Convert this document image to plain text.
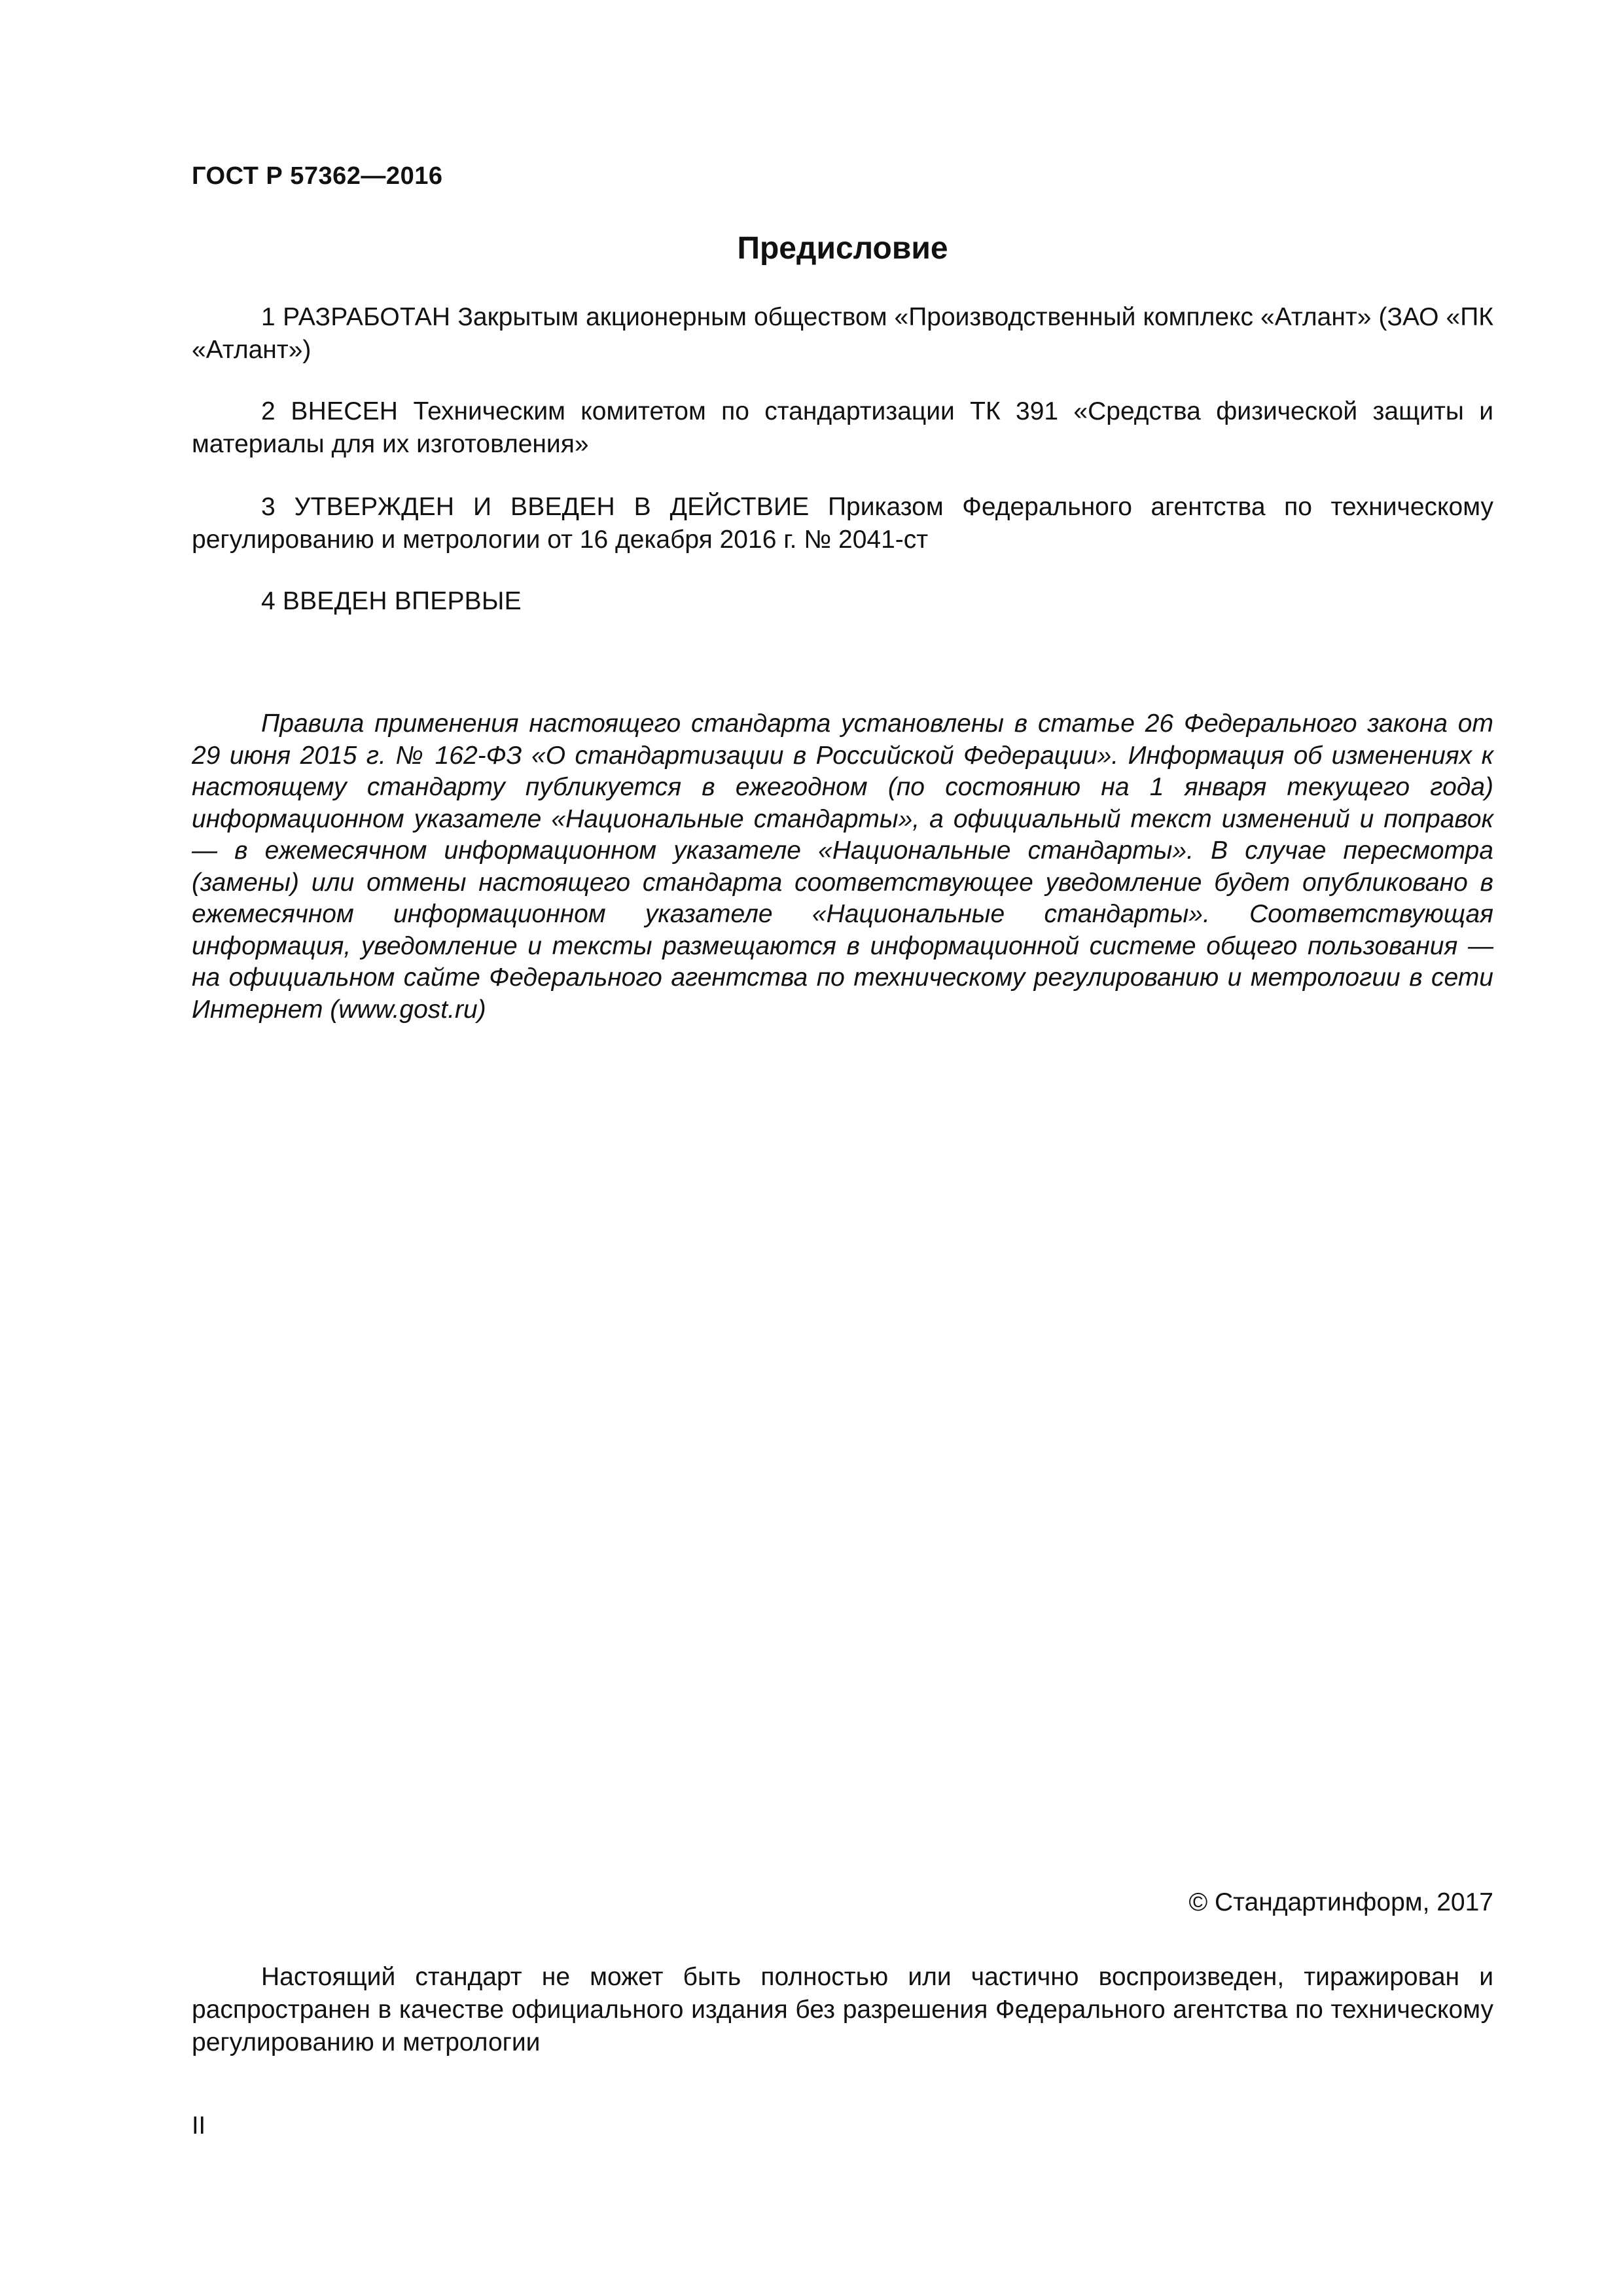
ГОСТ Р 57362—2016
Предисловие

1 РАЗРАБОТАН Закрытым акционерным обществом «Производственный комплекс «Атлант» (ЗАО «ПК «Атлант»)

2 ВНЕСЕН Техническим комитетом по стандартизации ТК 391 «Средства физической защиты и материалы для их изготовления»

3 УТВЕРЖДЕН И ВВЕДЕН В ДЕЙСТВИЕ Приказом Федерального агентства по техническому регулированию и метрологии от 16 декабря 2016 г. № 2041-ст

4 ВВЕДЕН ВПЕРВЫЕ

Правила применения настоящего стандарта установлены в статье 26 Федерального закона от 29 июня 2015 г. № 162-ФЗ «О стандартизации в Российской Федерации». Информация об изменениях к настоящему стандарту публикуется в ежегодном (по состоянию на 1 января текущего года) информационном указателе «Национальные стандарты», а официальный текст изменений и поправок — в ежемесячном информационном указателе «Национальные стандарты». В случае пересмотра (замены) или отмены настоящего стандарта соответствующее уведомление будет опубликовано в ежемесячном информационном указателе «Национальные стандарты». Соответствующая информация, уведомление и тексты размещаются в информационной системе общего пользования — на официальном сайте Федерального агентства по техническому регулированию и метрологии в сети Интернет (www.gost.ru)

© Стандартинформ, 2017

Настоящий стандарт не может быть полностью или частично воспроизведен, тиражирован и распространен в качестве официального издания без разрешения Федерального агентства по техническому регулированию и метрологии

II
